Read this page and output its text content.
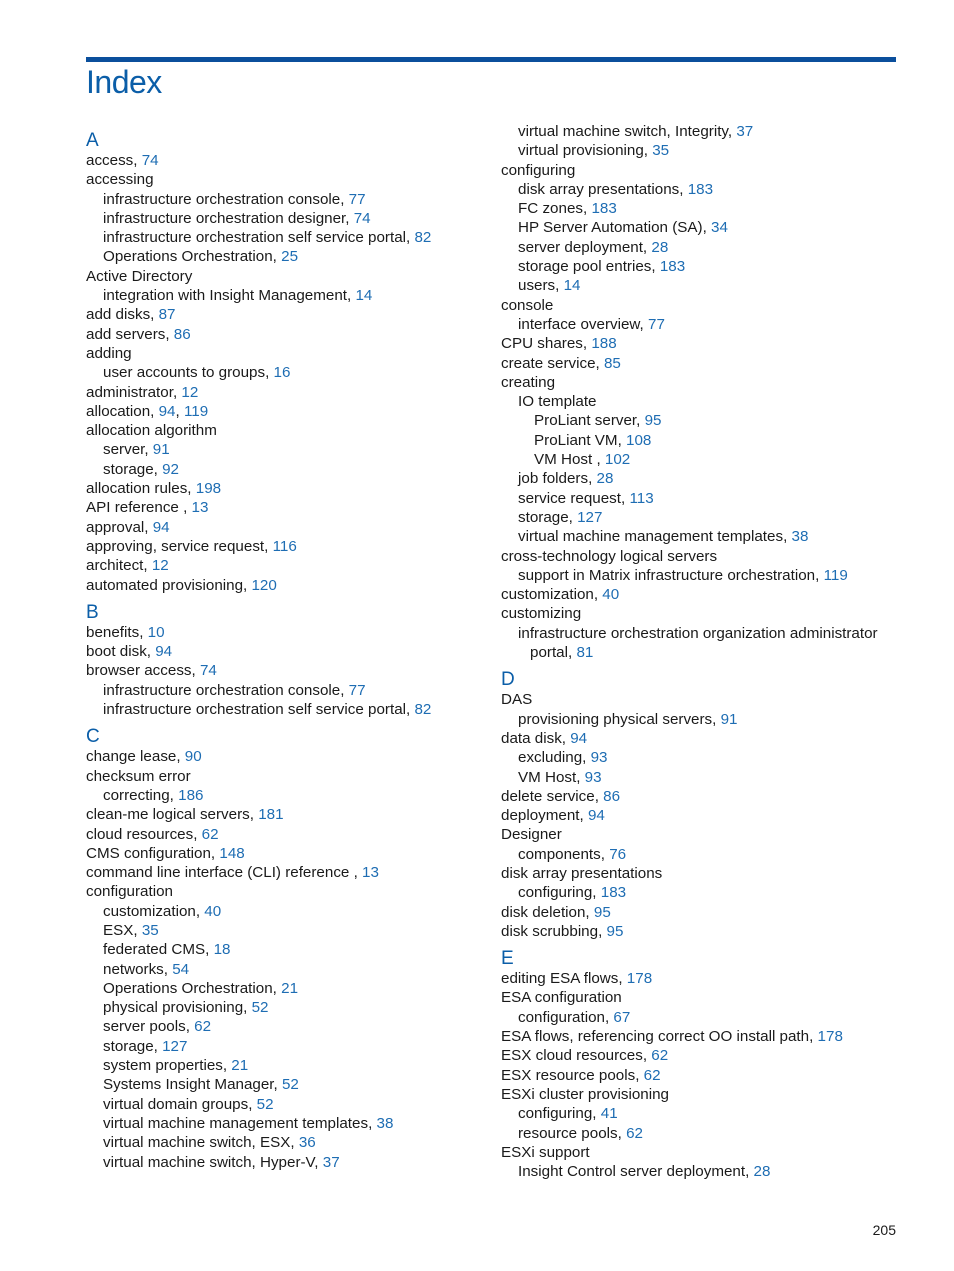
Index
A
access, 74
accessing
infrastructure orchestration console, 77
infrastructure orchestration designer, 74
infrastructure orchestration self service portal, 82
Operations Orchestration, 25
Active Directory
integration with Insight Management, 14
add disks, 87
add servers, 86
adding
user accounts to groups, 16
administrator, 12
allocation, 94, 119
allocation algorithm
server, 91
storage, 92
allocation rules, 198
API reference , 13
approval, 94
approving, service request, 116
architect, 12
automated provisioning, 120
B
benefits, 10
boot disk, 94
browser access, 74
infrastructure orchestration console, 77
infrastructure orchestration self service portal, 82
C
change lease, 90
checksum error
correcting, 186
clean-me logical servers, 181
cloud resources, 62
CMS configuration, 148
command line interface (CLI) reference , 13
configuration
customization, 40
ESX, 35
federated CMS, 18
networks, 54
Operations Orchestration, 21
physical provisioning, 52
server pools, 62
storage, 127
system properties, 21
Systems Insight Manager, 52
virtual domain groups, 52
virtual machine management templates, 38
virtual machine switch, ESX, 36
virtual machine switch, Hyper-V, 37
virtual machine switch, Integrity, 37
virtual provisioning, 35
configuring
disk array presentations, 183
FC zones, 183
HP Server Automation (SA), 34
server deployment, 28
storage pool entries, 183
users, 14
console
interface overview, 77
CPU shares, 188
create service, 85
creating
IO template
ProLiant server, 95
ProLiant VM, 108
VM Host , 102
job folders, 28
service request, 113
storage, 127
virtual machine management templates, 38
cross-technology logical servers
support in Matrix infrastructure orchestration, 119
customization, 40
customizing
infrastructure orchestration organization administrator
portal, 81
D
DAS
provisioning physical servers, 91
data disk, 94
excluding, 93
VM Host, 93
delete service, 86
deployment, 94
Designer
components, 76
disk array presentations
configuring, 183
disk deletion, 95
disk scrubbing, 95
E
editing ESA flows, 178
ESA configuration
configuration, 67
ESA flows, referencing correct OO install path, 178
ESX cloud resources, 62
ESX resource pools, 62
ESXi cluster provisioning
configuring, 41
resource pools, 62
ESXi support
Insight Control server deployment, 28
205
